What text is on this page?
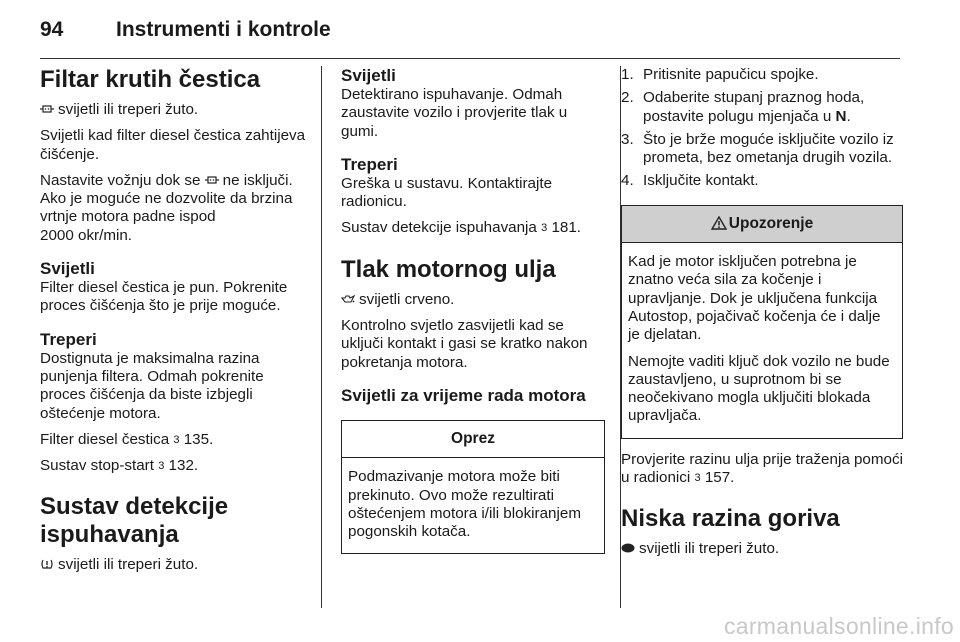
94	Instrumenti i kontrole
Filtar krutih čestica

svijetli ili treperi žuto.

Svijetli kad filter diesel čestica zahtijeva čišćenje.

Nastavite vožnju dok se ne isključi. Ako je moguće ne dozvolite da brzina vrtnje motora padne ispod
2000 okr/min.

Svijetli

Filter diesel čestica je pun. Pokrenite proces čišćenja što je prije moguće.

Treperi

Dostignuta je maksimalna razina punjenja filtera. Odmah pokrenite proces čišćenja da biste izbjegli oštećenje motora.

Filter diesel čestica 3 135.

Sustav stop-start 3 132.

Sustav detekcije ispuhavanja

svijetli ili treperi žuto.

Svijetli

Detektirano ispuhavanje. Odmah zaustavite vozilo i provjerite tlak u gumi.

Treperi

Greška u sustavu. Kontaktirajte radionicu.

Sustav detekcije ispuhavanja 3 181.

Tlak motornog ulja

svijetli crveno.

Kontrolno svjetlo zasvijetli kad se uključi kontakt i gasi se kratko nakon pokretanja motora.

Svijetli za vrijeme rada motora
Oprez

Podmazivanje motora može biti prekinuto. Ovo može rezultirati oštećenjem motora i/ili blokiranjem pogonskih kotača.

1. Pritisnite papučicu spojke.
2. Odaberite stupanj praznog hoda, postavite polugu mjenjača u N.
3. Što je brže moguće isključite vozilo iz prometa, bez ometanja drugih vozila.
4. Isključite kontakt.
Upozorenje

Kad je motor isključen potrebna je znatno veća sila za kočenje i upravljanje. Dok je uključena funkcija Autostop, pojačivač kočenja će i dalje je djelatan.

Nemojte vaditi ključ dok vozilo ne bude zaustavljeno, u suprotnom bi se neočekivano mogla uključiti blokada upravljača.

Provjerite razinu ulja prije traženja pomoći u radionici 3 157.

Niska razina goriva

svijetli ili treperi žuto.

carmanualsonline.info
